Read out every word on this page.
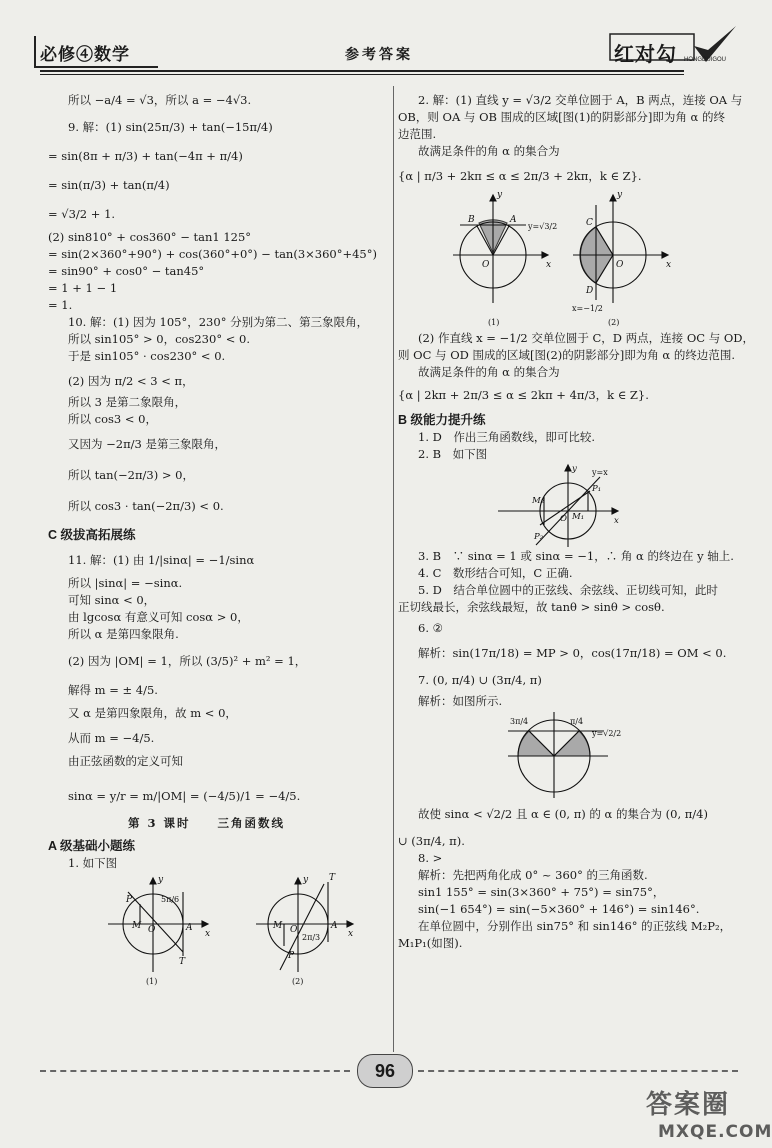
必修④数学	参考答案	红对勾 HONGDUIGOU

所以 −a/4 = √3，所以 a = −4√3.

9. 解：(1) sin(25π/3) + tan(−15π/4)

= sin(8π + π/3) + tan(−4π + π/4)

= sin(π/3) + tan(π/4)

= √3/2 + 1.

(2) sin810° + cos360° − tan1 125°

= sin(2×360°+90°) + cos(360°+0°) − tan(3×360°+45°)

= sin90° + cos0° − tan45°

= 1 + 1 − 1

= 1.

10. 解：(1) 因为 105°，230° 分别为第二、第三象限角，

所以 sin105° > 0，cos230° < 0.

于是 sin105° · cos230° < 0.

(2) 因为 π/2 < 3 < π，

所以 3 是第二象限角，

所以 cos3 < 0，

又因为 −2π/3 是第三象限角，

所以 tan(−2π/3) > 0，

所以 cos3 · tan(−2π/3) < 0.

C 级拔高拓展练

11. 解：(1) 由 1/|sinα| = −1/sinα

所以 |sinα| = −sinα.

可知 sinα < 0，

由 lgcosα 有意义可知 cosα > 0，

所以 α 是第四象限角.

(2) 因为 |OM| = 1，所以 (3/5)² + m² = 1，

解得 m = ± 4/5.

又 α 是第四象限角，故 m < 0，

从而 m = −4/5.

由正弦函数的定义可知

sinα = y/r = m/|OM| = (−4/5)/1 = −4/5.

第 3 课时　　三角函数线

A 级基础小题练

1. 如下图

P
M O	A
T
y
x
y T
M O	A
P
x
5π/6
2π/3
(1)	(2)

2. 解：(1) 直线 y = √3/2 交单位圆于 A，B 两点，连接 OA 与

OB，则 OA 与 OB 围成的区域[图(1)的阴影部分]即为角 α 的终

边范围.

故满足条件的角 α 的集合为

{α | π/3 + 2kπ ≤ α ≤ 2π/3 + 2kπ，k ∈ Z}.

B	A
O
y
x
C
D
O
y
x
y=√3/2
x=−1/2
(1)	(2)

(2) 作直线 x = −1/2 交单位圆于 C，D 两点，连接 OC 与 OD，

则 OC 与 OD 围成的区域[图(2)的阴影部分]即为角 α 的终边范围.

故满足条件的角 α 的集合为

{α | 2kπ + 2π/3 ≤ α ≤ 2kπ + 4π/3，k ∈ Z}.

B 级能力提升练

1. D　作出三角函数线，即可比较.

2. B　如下图

y
P₁
M₂
O M₁
P₂
x
y=x

3. B　∵ sinα = 1 或 sinα = −1，∴ 角 α 的终边在 y 轴上.

4. C　数形结合可知，C 正确.

5. D　结合单位圆中的正弦线、余弦线、正切线可知，此时

正切线最长，余弦线最短，故 tanθ > sinθ > cosθ.

6. ②

解析：sin(17π/18) = MP > 0，cos(17π/18) = OM < 0.

7. (0, π/4) ∪ (3π/4, π)

解析：如图所示.

3π/4	π/4
y=√2/2

故使 sinα < √2/2 且 α ∈ (0, π) 的 α 的集合为 (0, π/4)

∪ (3π/4, π).

8. >

解析：先把两角化成 0° ~ 360° 的三角函数.

sin1 155° = sin(3×360° + 75°) = sin75°，

sin(−1 654°) = sin(−5×360° + 146°) = sin146°.

在单位圆中，分别作出 sin75° 和 sin146° 的正弦线 M₂P₂，

M₁P₁(如图).

96
答案圈
MXQE.COM
